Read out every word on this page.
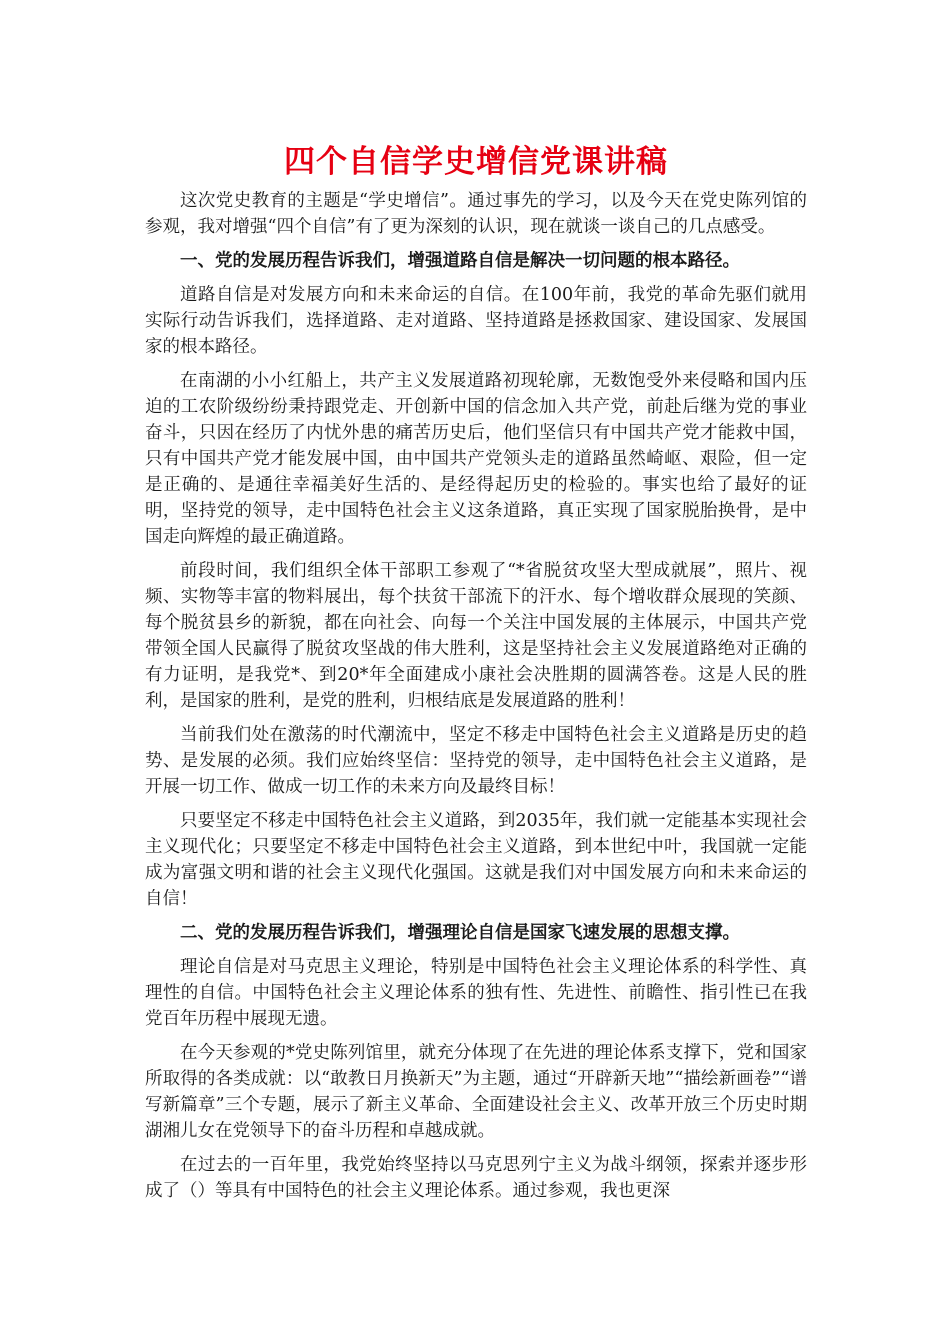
四个自信学史增信党课讲稿

这次党史教育的主题是“学史增信”。通过事先的学习，以及今天在党史陈列馆的参观，我对增强“四个自信”有了更为深刻的认识，现在就谈一谈自己的几点感受。

一、党的发展历程告诉我们，增强道路自信是解决一切问题的根本路径。

道路自信是对发展方向和未来命运的自信。在100年前，我党的革命先驱们就用实际行动告诉我们，选择道路、走对道路、坚持道路是拯救国家、建设国家、发展国家的根本路径。

在南湖的小小红船上，共产主义发展道路初现轮廓，无数饱受外来侵略和国内压迫的工农阶级纷纷秉持跟党走、开创新中国的信念加入共产党，前赴后继为党的事业奋斗，只因在经历了内忧外患的痛苦历史后，他们坚信只有中国共产党才能救中国，只有中国共产党才能发展中国，由中国共产党领头走的道路虽然崎岖、艰险，但一定是正确的、是通往幸福美好生活的、是经得起历史的检验的。事实也给了最好的证明，坚持党的领导，走中国特色社会主义这条道路，真正实现了国家脱胎换骨，是中国走向辉煌的最正确道路。

前段时间，我们组织全体干部职工参观了“*省脱贫攻坚大型成就展”，照片、视频、实物等丰富的物料展出，每个扶贫干部流下的汗水、每个增收群众展现的笑颜、每个脱贫县乡的新貌，都在向社会、向每一个关注中国发展的主体展示，中国共产党带领全国人民赢得了脱贫攻坚战的伟大胜利，这是坚持社会主义发展道路绝对正确的有力证明，是我党*、到20*年全面建成小康社会决胜期的圆满答卷。这是人民的胜利，是国家的胜利，是党的胜利，归根结底是发展道路的胜利！

当前我们处在激荡的时代潮流中，坚定不移走中国特色社会主义道路是历史的趋势、是发展的必须。我们应始终坚信：坚持党的领导，走中国特色社会主义道路，是开展一切工作、做成一切工作的未来方向及最终目标！

只要坚定不移走中国特色社会主义道路，到2035年，我们就一定能基本实现社会主义现代化；只要坚定不移走中国特色社会主义道路，到本世纪中叶，我国就一定能成为富强文明和谐的社会主义现代化强国。这就是我们对中国发展方向和未来命运的自信！

二、党的发展历程告诉我们，增强理论自信是国家飞速发展的思想支撑。

理论自信是对马克思主义理论，特别是中国特色社会主义理论体系的科学性、真理性的自信。中国特色社会主义理论体系的独有性、先进性、前瞻性、指引性已在我党百年历程中展现无遗。

在今天参观的*党史陈列馆里，就充分体现了在先进的理论体系支撑下，党和国家所取得的各类成就：以“敢教日月换新天”为主题，通过“开辟新天地”“描绘新画卷”“谱写新篇章”三个专题，展示了新主义革命、全面建设社会主义、改革开放三个历史时期湖湘儿女在党领导下的奋斗历程和卓越成就。

在过去的一百年里，我党始终坚持以马克思列宁主义为战斗纲领，探索并逐步形成了（）等具有中国特色的社会主义理论体系。通过参观，我也更深
